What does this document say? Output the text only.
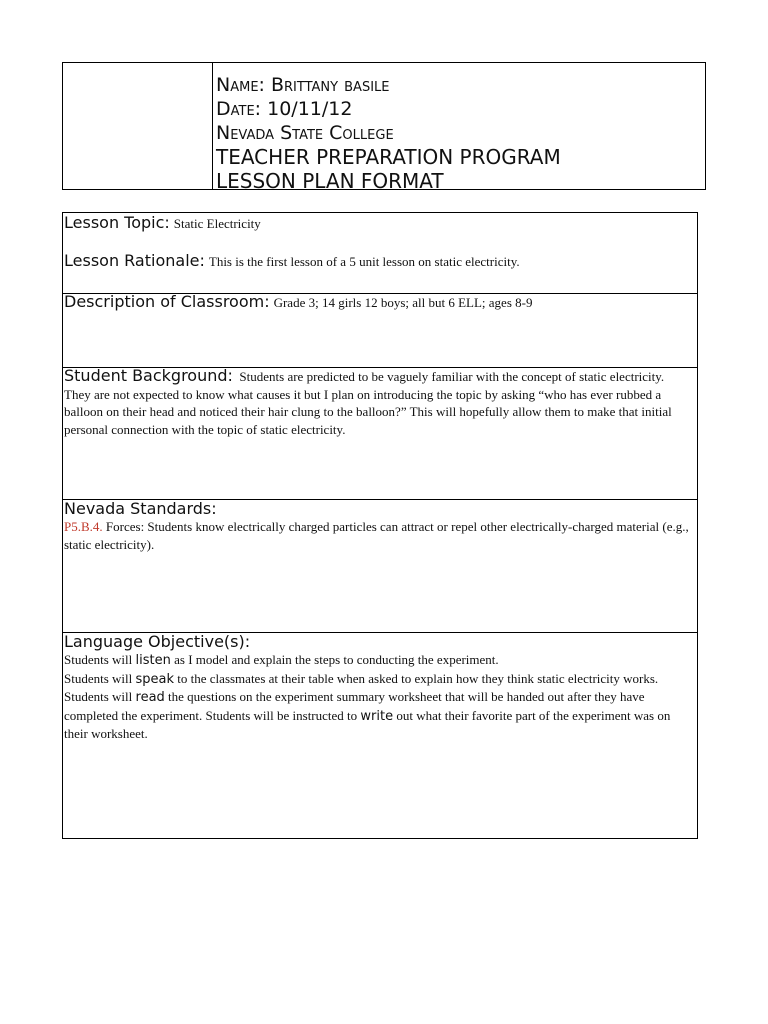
Name: Brittany basile
Date: 10/11/12
Nevada State College
TEACHER PREPARATION PROGRAM
LESSON PLAN FORMAT
Lesson Topic: Static Electricity
Lesson Rationale: This is the first lesson of a 5 unit lesson on static electricity.
Description of Classroom: Grade 3; 14 girls 12 boys; all but 6 ELL; ages 8-9
Student Background: Students are predicted to be vaguely familiar with the concept of static electricity. They are not expected to know what causes it but I plan on introducing the topic by asking “who has ever rubbed a balloon on their head and noticed their hair clung to the balloon?” This will hopefully allow them to make that initial personal connection with the topic of static electricity.
Nevada Standards:
P5.B.4. Forces: Students know electrically charged particles can attract or repel other electrically-charged material (e.g., static electricity).
Language Objective(s):
Students will listen as I model and explain the steps to conducting the experiment.
Students will speak to the classmates at their table when asked to explain how they think static electricity works.
Students will read the questions on the experiment summary worksheet that will be handed out after they have completed the experiment. Students will be instructed to write out what their favorite part of the experiment was on their worksheet.
